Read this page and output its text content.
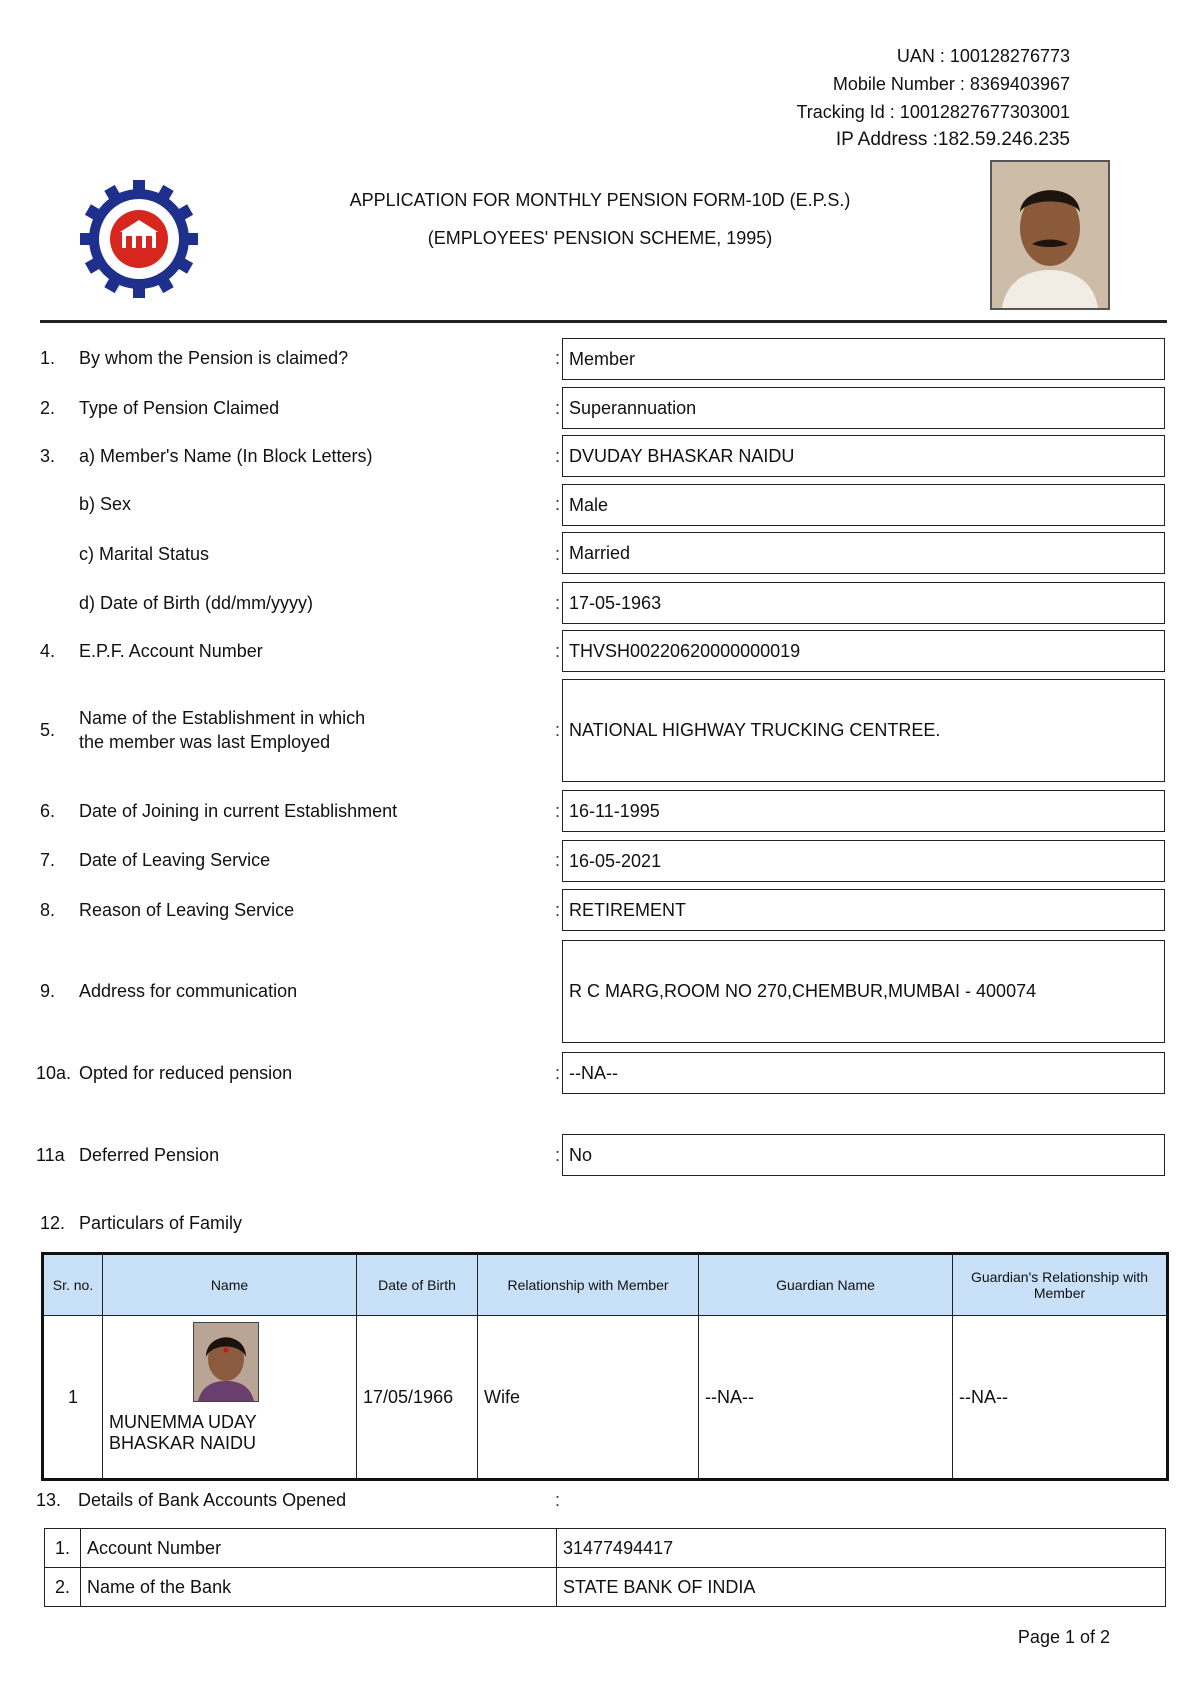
UAN : 100128276773
Mobile Number : 8369403967
Tracking Id : 10012827677303001
IP Address :182.59.246.235
APPLICATION FOR MONTHLY PENSION FORM-10D (E.P.S.)
(EMPLOYEES' PENSION SCHEME, 1995)
1. By whom the Pension is claimed?	: Member
2. Type of Pension Claimed	: Superannuation
3. a) Member's Name (In Block Letters)	: DVUDAY BHASKAR NAIDU
b) Sex	: Male
c) Marital Status	: Married
d) Date of Birth (dd/mm/yyyy)	: 17-05-1963
4. E.P.F. Account Number	: THVSH00220620000000019
5.
Name of the Establishment in which
the member was last Employed
: NATIONAL HIGHWAY TRUCKING CENTREE.
6. Date of Joining in current Establishment	: 16-11-1995
7. Date of Leaving Service	: 16-05-2021
8. Reason of Leaving Service	: RETIREMENT
9. Address for communication	R C MARG,ROOM NO 270,CHEMBUR,MUMBAI - 400074
10a. Opted for reduced pension	: --NA--
11a Deferred Pension	: No
12. Particulars of Family
Sr. no.	Name	Date of Birth	Relationship with Member	Guardian Name	Guardian's Relationship with Member
1	MUNEMMA UDAY
BHASKAR NAIDU	17/05/1966	Wife	--NA--	--NA--
13. Details of Bank Accounts Opened	:
1.	Account Number	31477494417
2.	Name of the Bank	STATE BANK OF INDIA
Page 1 of 2
